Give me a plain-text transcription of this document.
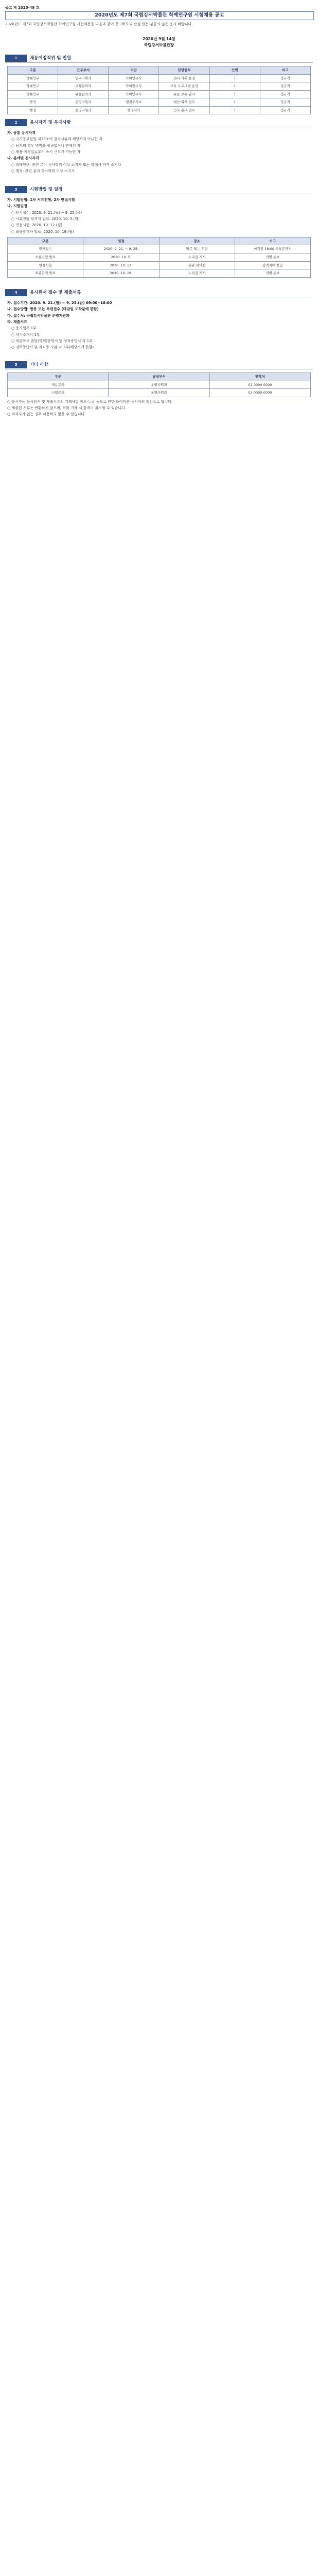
공고 제 2020-49 호
2020년도 제7회 국립강서박물관 학예연구원 시험채용 공고
2020년도 제7회 국립강서박물관 학예연구원 시험채용을 다음과 같이 공고하오니 관심 있는 분들의 많은 응시 바랍니다.
2020년 9월 14일
국립강서박물관장
1	채용예정직위 및 인원
구분	근무부서	직급	담당업무	인원	비고
학예연구	연구기획과	학예연구사	전시 기획·운영	1	정규직
학예연구	교육문화과	학예연구사	교육 프로그램 운영	1	정규직
학예연구	유물관리과	학예연구사	유물 보존·관리	1	정규직
행정	운영지원과	행정주사보	예산·회계 업무	1	정규직
행정	운영지원과	행정서기	인사·총무 업무	1	정규직
2	응시자격 및 우대사항

가. 공통 응시자격

○ 국가공무원법 제33조의 결격사유에 해당하지 아니한 자

○ 남자의 경우 병역을 필하였거나 면제된 자

○ 채용 예정일로부터 즉시 근무가 가능한 자

나. 분야별 응시자격

○ 학예연구: 관련 분야 석사학위 이상 소지자 또는 학예사 자격 소지자

○ 행정: 관련 분야 학사학위 이상 소지자

3	시험방법 및 일정

가. 시험방법: 1차 서류전형, 2차 면접시험

나. 시험일정

○ 원서접수: 2020. 9. 21.(월) ~ 9. 25.(금)

○ 서류전형 합격자 발표: 2020. 10. 5.(월)

○ 면접시험: 2020. 10. 12.(월)

○ 최종합격자 발표: 2020. 10. 19.(월)

구분	일정	장소	비고
원서접수	2020. 9. 21. ~ 9. 25.	방문 또는 우편	마감일 18:00 도착분까지
서류전형 발표	2020. 10. 5.	누리집 게시	개별 통보
면접시험	2020. 10. 12.	본관 회의실	합격자에 한함
최종합격 발표	2020. 10. 19.	누리집 게시	개별 통보
4	응시원서 접수 및 제출서류

가. 접수기간: 2020. 9. 21.(월) ~ 9. 25.(금) 09:00~18:00

나. 접수방법: 방문 또는 우편접수 (마감일 도착분에 한함)

다. 접수처: 국립강서박물관 운영지원과

라. 제출서류

○ 응시원서 1부

○ 자기소개서 1부

○ 최종학교 졸업(학위)증명서 및 성적증명서 각 1부

○ 경력증명서 및 자격증 사본 각 1부(해당자에 한함)

5	기타 사항
구분	담당부서	연락처
채용문의	운영지원과	02-0000-0000
시험문의	운영지원과	02-0000-0000

○ 응시자는 응시원서 및 제출서류의 기재사항 착오·누락 등으로 인한 불이익은 응시자의 책임으로 합니다.

○ 제출된 서류는 반환하지 않으며, 허위 기재 시 합격이 취소될 수 있습니다.

○ 적격자가 없는 경우 채용하지 않을 수 있습니다.
